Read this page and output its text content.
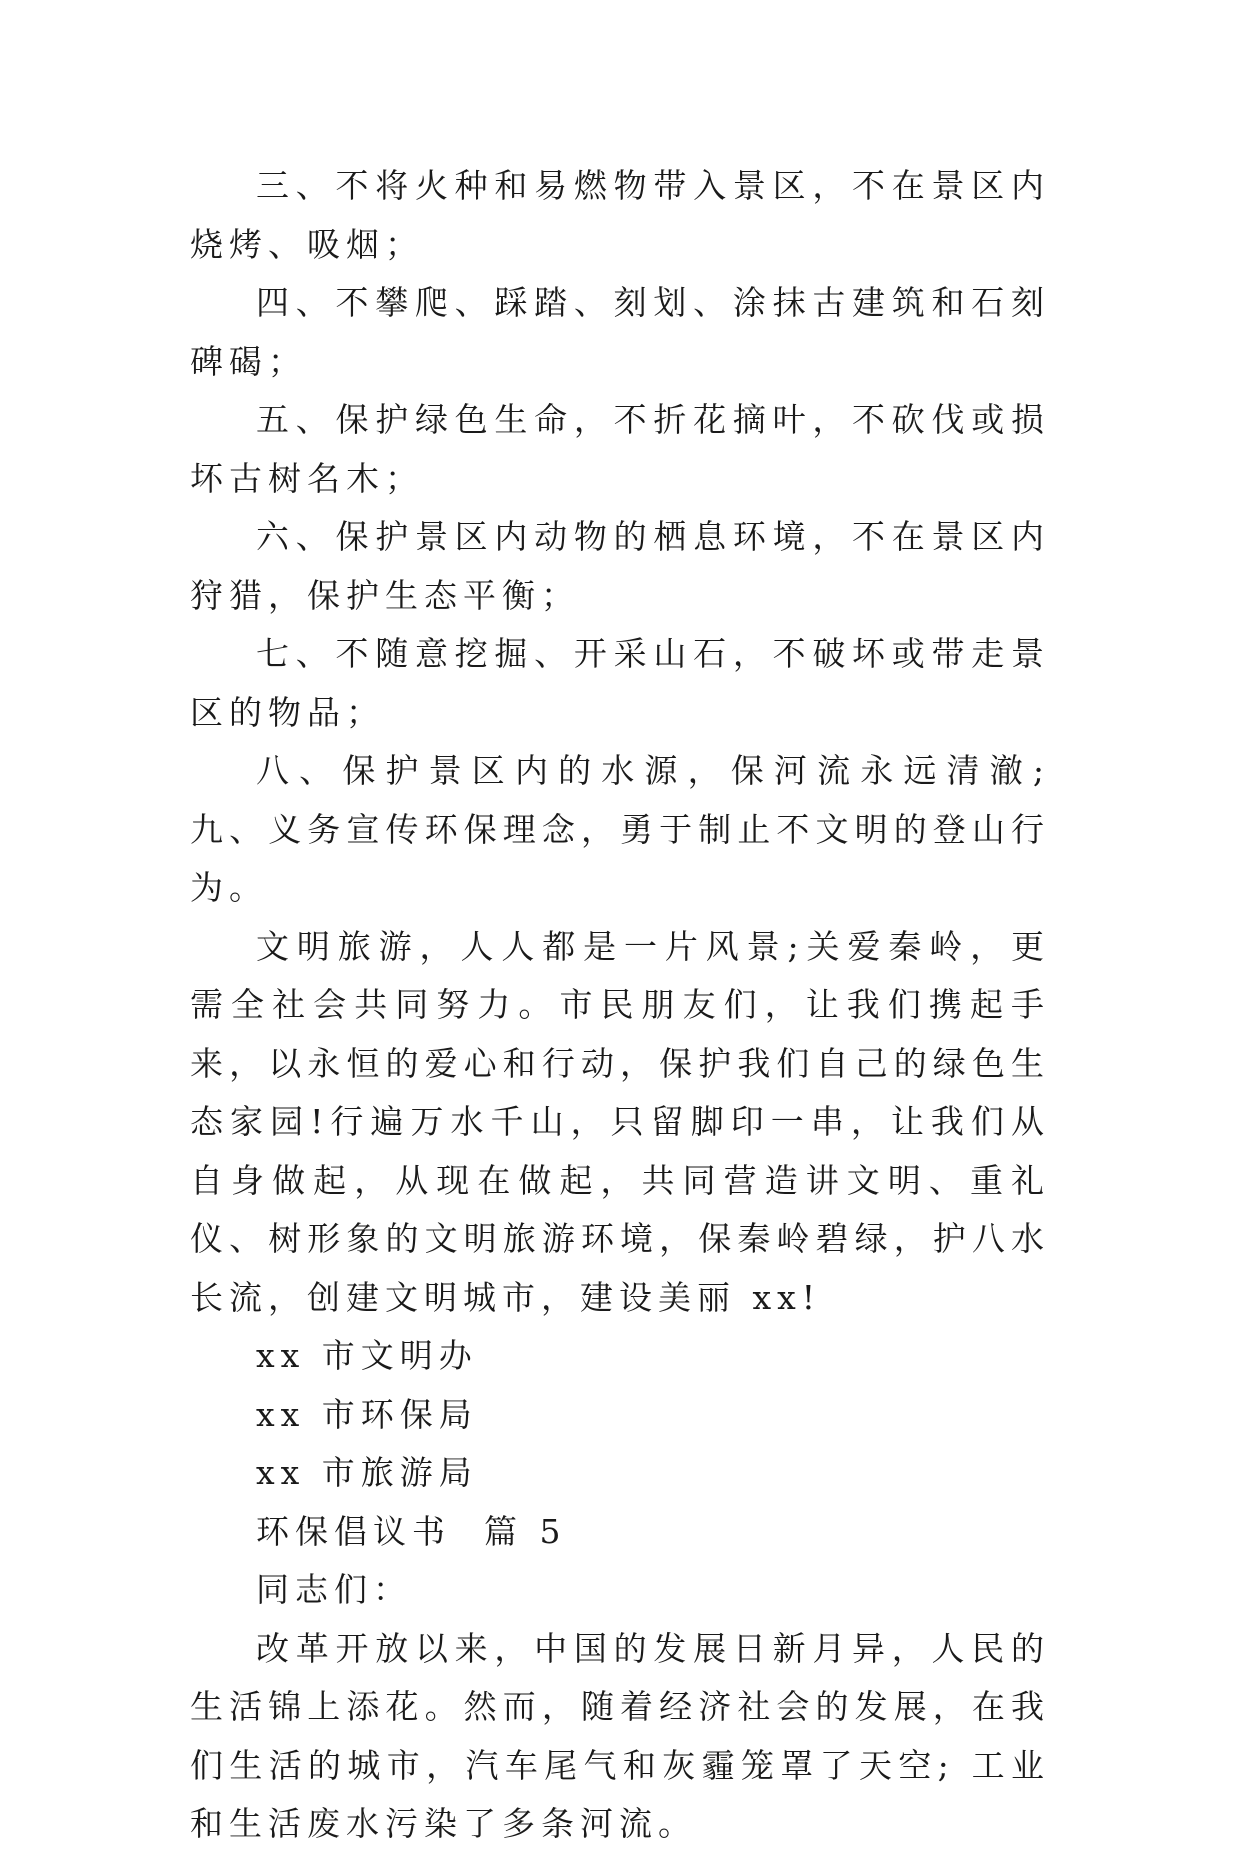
三、不将火种和易燃物带入景区，不在景区内烧烤、吸烟；

四、不攀爬、踩踏、刻划、涂抹古建筑和石刻碑碣；

五、保护绿色生命，不折花摘叶，不砍伐或损坏古树名木；

六、保护景区内动物的栖息环境，不在景区内狩猎，保护生态平衡；

七、不随意挖掘、开采山石，不破坏或带走景区的物品；

八、保护景区内的水源，保河流永远清澈;九、义务宣传环保理念，勇于制止不文明的登山行为。

文明旅游，人人都是一片风景;关爱秦岭，更需全社会共同努力。市民朋友们，让我们携起手来，以永恒的爱心和行动，保护我们自己的绿色生态家园!行遍万水千山，只留脚印一串，让我们从自身做起，从现在做起，共同营造讲文明、重礼仪、树形象的文明旅游环境，保秦岭碧绿，护八水长流，创建文明城市，建设美丽 xx!

xx 市文明办

xx 市环保局

xx 市旅游局

环保倡议书  篇 5

同志们：

改革开放以来，中国的发展日新月异，人民的生活锦上添花。然而，随着经济社会的发展，在我们生活的城市，汽车尾气和灰霾笼罩了天空; 工业和生活废水污染了多条河流。
